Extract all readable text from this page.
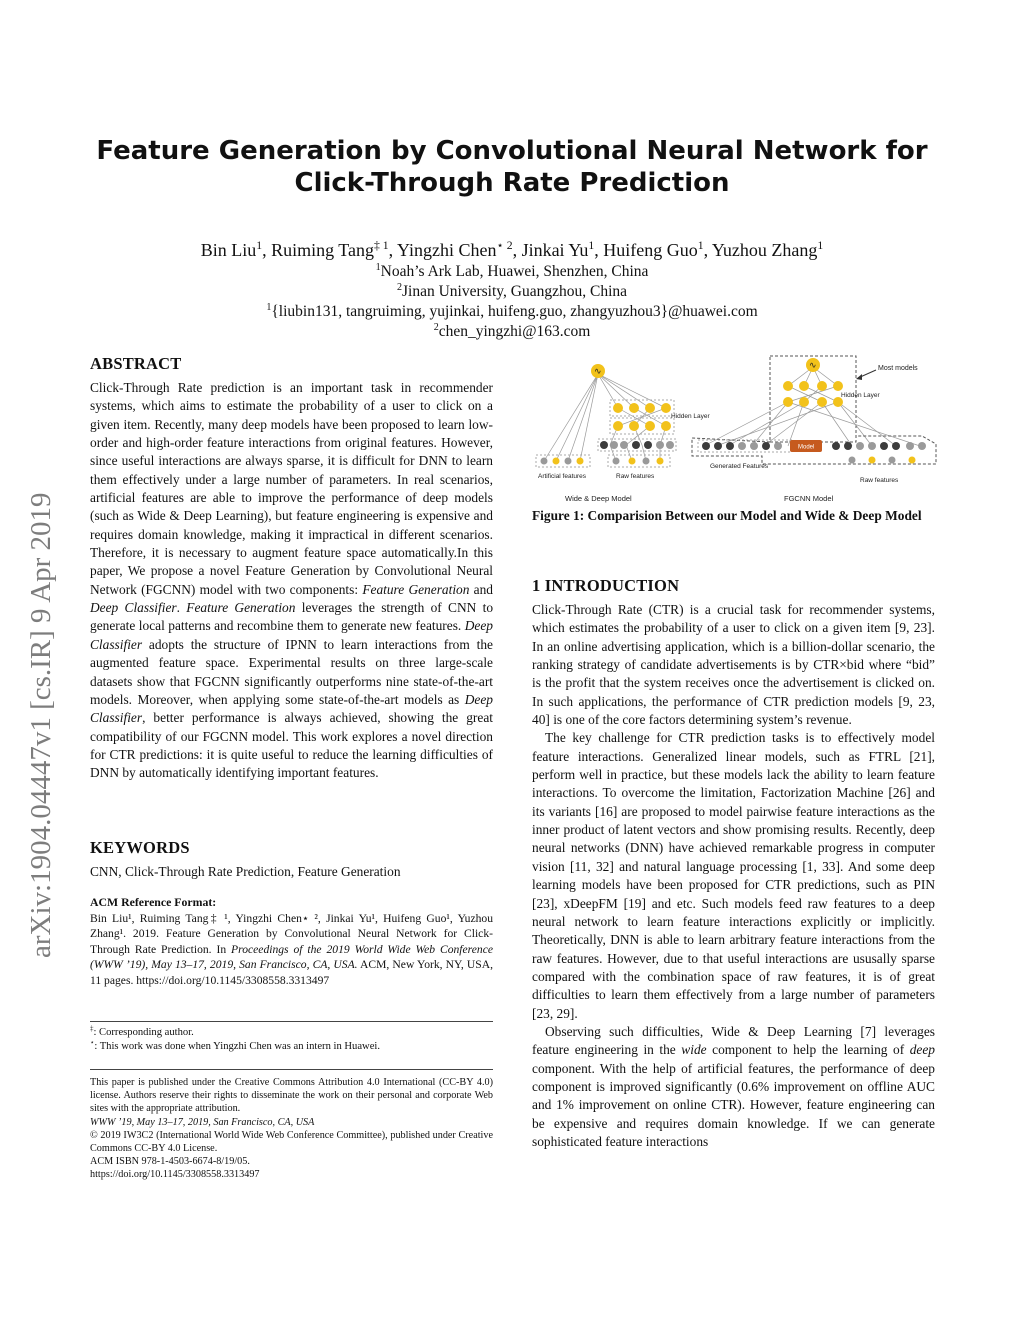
arXiv:1904.04447v1 [cs.IR] 9 Apr 2019
Feature Generation by Convolutional Neural Network for
Click-Through Rate Prediction
Bin Liu$^1$, Ruiming Tang$^{\ddagger 1}$, Yingzhi Chen$^{⋆ 2}$, Jinkai Yu$^1$, Huifeng Guo$^1$, Yuzhou Zhang$^1$
$^1$Noah’s Ark Lab, Huawei, Shenzhen, China
$^2$Jinan University, Guangzhou, China
$^1${liubin131, tangruiming, yujinkai, huifeng.guo, zhangyuzhou3}@huawei.com
$^2$chen_yingzhi@163.com
ABSTRACT

Click-Through Rate prediction is an important task in recommender systems, which aims to estimate the probability of a user to click on a given item. Recently, many deep models have been proposed to learn low-order and high-order feature interactions from original features. However, since useful interactions are always sparse, it is difficult for DNN to learn them effectively under a large number of parameters. In real scenarios, artificial features are able to improve the performance of deep models (such as Wide & Deep Learning), but feature engineering is expensive and requires domain knowledge, making it impractical in different scenarios. Therefore, it is necessary to augment feature space automatically.In this paper, We propose a novel Feature Generation by Convolutional Neural Network (FGCNN) model with two components: Feature Generation and Deep Classifier. Feature Generation leverages the strength of CNN to generate local patterns and recombine them to generate new features. Deep Classifier adopts the structure of IPNN to learn interactions from the augmented feature space. Experimental results on three large-scale datasets show that FGCNN significantly outperforms nine state-of-the-art models. Moreover, when applying some state-of-the-art models as Deep Classifier, better performance is always achieved, showing the great compatibility of our FGCNN model. This work explores a novel direction for CTR predictions: it is quite useful to reduce the learning difficulties of DNN by automatically identifying important features.

KEYWORDS
CNN, Click-Through Rate Prediction, Feature Generation
ACM Reference Format:
Bin Liu¹, Ruiming Tang‡ ¹, Yingzhi Chen⋆ ², Jinkai Yu¹, Huifeng Guo¹, Yuzhou Zhang¹. 2019. Feature Generation by Convolutional Neural Network for Click-Through Rate Prediction. In Proceedings of the 2019 World Wide Web Conference (WWW ’19), May 13–17, 2019, San Francisco, CA, USA. ACM, New York, NY, USA, 11 pages. https://doi.org/10.1145/3308558.3313497
‡: Corresponding author.
⋆: This work was done when Yingzhi Chen was an intern in Huawei.
This paper is published under the Creative Commons Attribution 4.0 International (CC-BY 4.0) license. Authors reserve their rights to disseminate the work on their personal and corporate Web sites with the appropriate attribution.
WWW ’19, May 13–17, 2019, San Francisco, CA, USA
© 2019 IW3C2 (International World Wide Web Conference Committee), published under Creative Commons CC-BY 4.0 License.
ACM ISBN 978-1-4503-6674-8/19/05.
https://doi.org/10.1145/3308558.3313497
∿
Hidden Layer
Artificial features	Raw features
Wide & Deep Model
Most models
∿
Hidden Layer
Generated Features
Model
Raw features
FGCNN Model
Figure 1: Comparision Between our Model and Wide & Deep Model
1 INTRODUCTION

Click-Through Rate (CTR) is a crucial task for recommender systems, which estimates the probability of a user to click on a given item [9, 23]. In an online advertising application, which is a billion-dollar scenario, the ranking strategy of candidate advertisements is by CTR×bid where “bid” is the profit that the system receives once the advertisement is clicked on. In such applications, the performance of CTR prediction models [9, 23, 40] is one of the core factors determining system’s revenue.

The key challenge for CTR prediction tasks is to effectively model feature interactions. Generalized linear models, such as FTRL [21], perform well in practice, but these models lack the ability to learn feature interactions. To overcome the limitation, Factorization Machine [26] and its variants [16] are proposed to model pairwise feature interactions as the inner product of latent vectors and show promising results. Recently, deep neural networks (DNN) have achieved remarkable progress in computer vision [11, 32] and natural language processing [1, 33]. And some deep learning models have been proposed for CTR predictions, such as PIN [23], xDeepFM [19] and etc. Such models feed raw features to a deep neural network to learn feature interactions explicitly or implicitly. Theoretically, DNN is able to learn arbitrary feature interactions from the raw features. However, due to that useful interactions are ususally sparse compared with the combination space of raw features, it is of great difficulties to learn them effectively from a large number of parameters [23, 29].

Observing such difficulties, Wide & Deep Learning [7] leverages feature engineering in the wide component to help the learning of deep component. With the help of artificial features, the performance of deep component is improved significantly (0.6% improvement on offline AUC and 1% improvement on online CTR). However, feature engineering can be expensive and requires domain knowledge. If we can generate sophisticated feature interactions
